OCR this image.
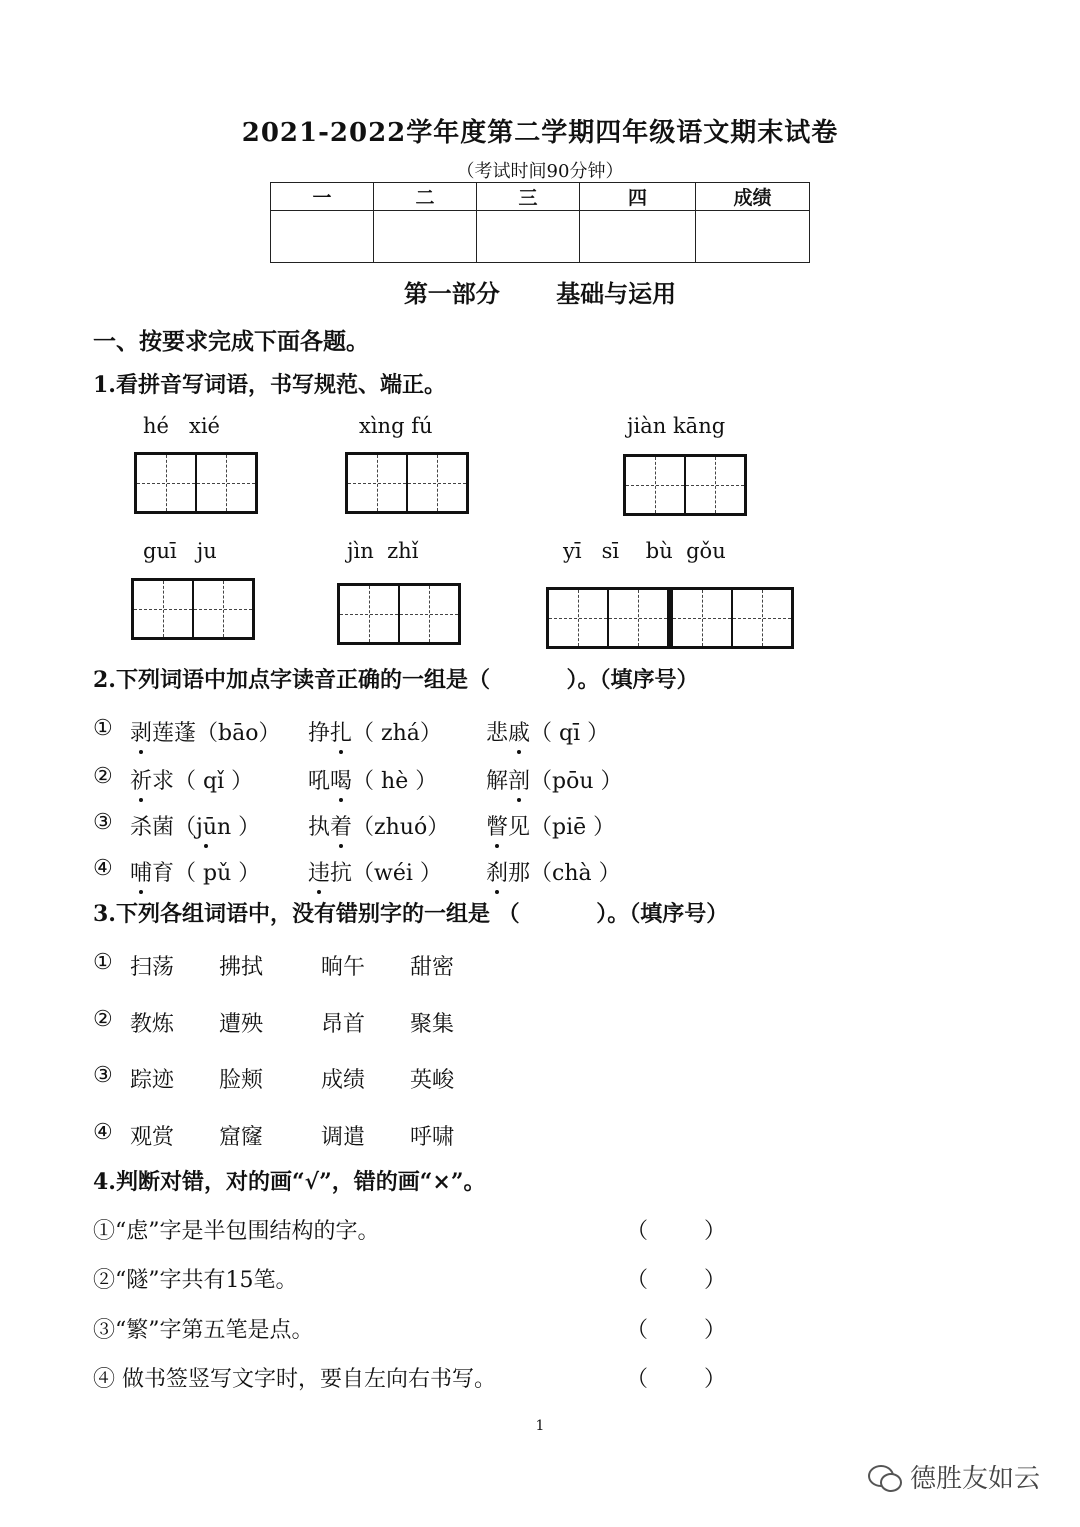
2021-2022学年度第二学期四年级语文期末试卷
（考试时间90分钟）
一	二	三	四	成绩

第一部分 基础与运用
一、按要求完成下面各题。
1.看拼音写词语，书写规范、端正。
hé   xié	xìng fú	jiàn kāng
guī   ju	jìn  zhǐ	yī   sī    bù  gǒu
2.下列词语中加点字读音正确的一组是（          ）。（填序号）
① 剥莲蓬（bāo） 挣扎（ zhá） 悲戚（ qī ）
② 祈求（ qǐ ） 吼喝（ hè ） 解剖（pōu ）
③ 杀菌（jūn ） 执着（zhuó） 瞥见（piē ）
④ 哺育（ pǔ ） 违抗（wéi ） 刹那（chà ）
3.下列各组词语中，没有错别字的一组是 （          ）。（填序号）
① 扫荡 拂拭	晌午 甜密
② 教炼 遭殃	昂首 聚集
③ 踪迹 脸颊	成绩 英峻
④ 观赏 窟窿	调遣 呼啸
4.判断对错，对的画“√”，错的画“×”。
①“虑”字是半包围结构的字。	（        ）
②“隧”字共有15笔。	（        ）
③“繁”字第五笔是点。	（        ）
④ 做书签竖写文字时，要自左向右书写。	（        ）
1
德胜友如云
